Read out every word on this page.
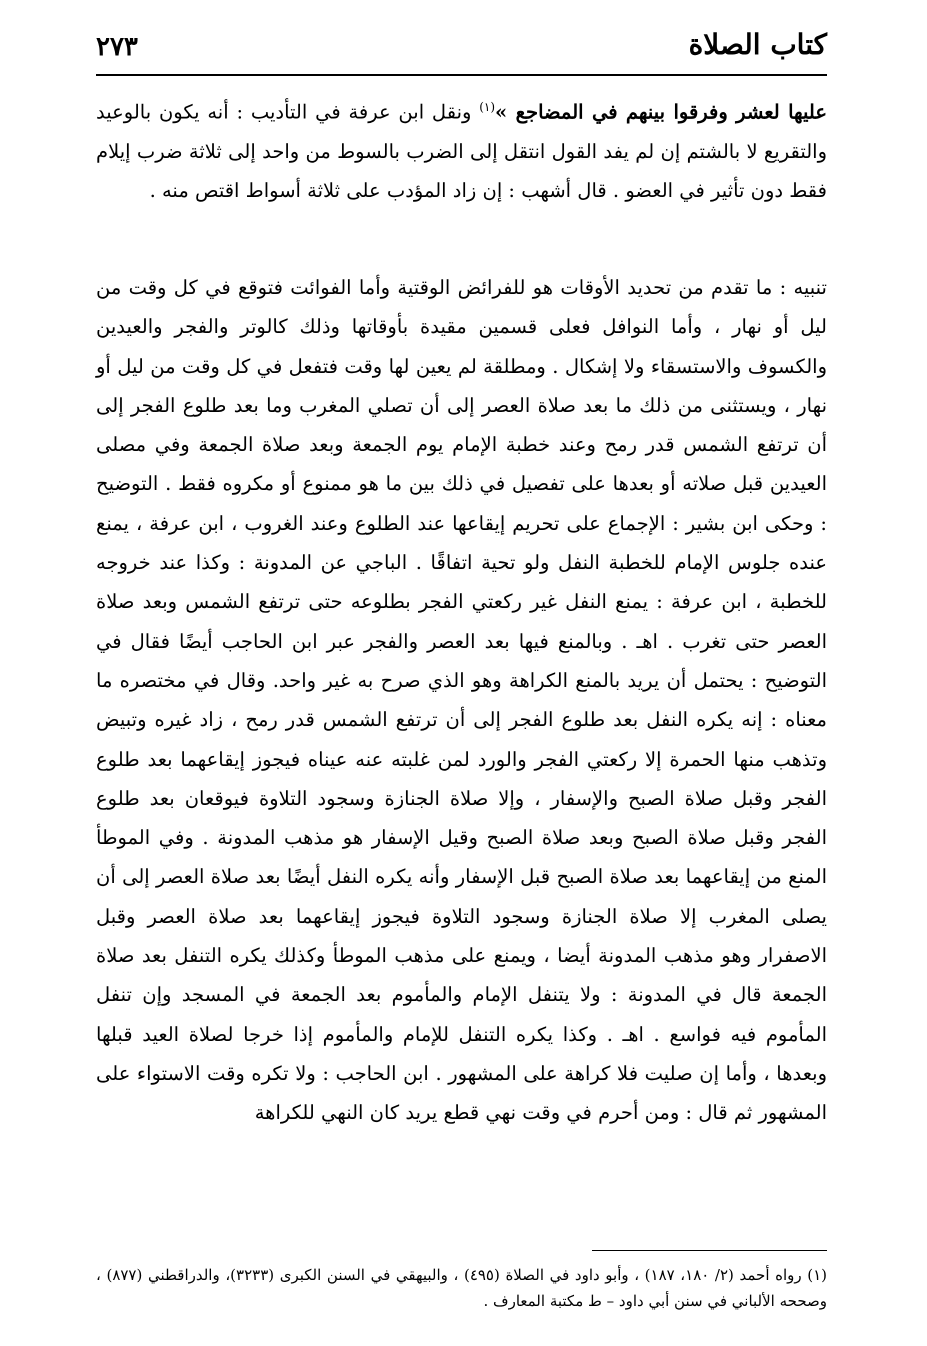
كتاب الصلاة
٢٧٣

عليها لعشر وفرقوا بينهم في المضاجع »$^{(١)}$ ونقل ابن عرفة في التأديب : أنه يكون بالوعيد والتقريع لا بالشتم إن لم يفد القول انتقل إلى الضرب بالسوط من واحد إلى ثلاثة ضرب إيلام فقط دون تأثير في العضو . قال أشهب : إن زاد المؤدب على ثلاثة أسواط اقتص منه .

تنبيه : ما تقدم من تحديد الأوقات هو للفرائض الوقتية وأما الفوائت فتوقع في كل وقت من ليل أو نهار ، وأما النوافل فعلى قسمين مقيدة بأوقاتها وذلك كالوتر والفجر والعيدين والكسوف والاستسقاء ولا إشكال . ومطلقة لم يعين لها وقت فتفعل في كل وقت من ليل أو نهار ، ويستثنى من ذلك ما بعد صلاة العصر إلى أن تصلي المغرب وما بعد طلوع الفجر إلى أن ترتفع الشمس قدر رمح وعند خطبة الإمام يوم الجمعة وبعد صلاة الجمعة وفي مصلى العيدين قبل صلاته أو بعدها على تفصيل في ذلك بين ما هو ممنوع أو مكروه فقط . التوضيح : وحكى ابن بشير : الإجماع على تحريم إيقاعها عند الطلوع وعند الغروب ، ابن عرفة ، يمنع عنده جلوس الإمام للخطبة النفل ولو تحية اتفاقًا . الباجي عن المدونة : وكذا عند خروجه للخطبة ، ابن عرفة : يمنع النفل غير ركعتي الفجر بطلوعه حتى ترتفع الشمس وبعد صلاة العصر حتى تغرب . اهـ . وبالمنع فيها بعد العصر والفجر عبر ابن الحاجب أيضًا فقال في التوضيح : يحتمل أن يريد بالمنع الكراهة وهو الذي صرح به غير واحد. وقال في مختصره ما معناه : إنه يكره النفل بعد طلوع الفجر إلى أن ترتفع الشمس قدر رمح ، زاد غيره وتبيض وتذهب منها الحمرة إلا ركعتي الفجر والورد لمن غلبته عنه عيناه فيجوز إيقاعهما بعد طلوع الفجر وقبل صلاة الصبح والإسفار ، وإلا صلاة الجنازة وسجود التلاوة فيوقعان بعد طلوع الفجر وقبل صلاة الصبح وبعد صلاة الصبح وقيل الإسفار هو مذهب المدونة . وفي الموطأ المنع من إيقاعهما بعد صلاة الصبح قبل الإسفار وأنه يكره النفل أيضًا بعد صلاة العصر إلى أن يصلى المغرب إلا صلاة الجنازة وسجود التلاوة فيجوز إيقاعهما بعد صلاة العصر وقبل الاصفرار وهو مذهب المدونة أيضا ، ويمنع على مذهب الموطأ وكذلك يكره التنفل بعد صلاة الجمعة قال في المدونة : ولا يتنفل الإمام والمأموم بعد الجمعة في المسجد وإن تنفل المأموم فيه فواسع . اهـ . وكذا يكره التنفل للإمام والمأموم إذا خرجا لصلاة العيد قبلها وبعدها ، وأما إن صليت فلا كراهة على المشهور . ابن الحاجب : ولا تكره وقت الاستواء على المشهور ثم قال : ومن أحرم في وقت نهي قطع يريد كان النهي للكراهة

(١) رواه أحمد (٢/ ١٨٠، ١٨٧) ، وأبو داود في الصلاة (٤٩٥) ، والبيهقي في السنن الكبرى (٣٢٣٣)، والدراقطني (٨٧٧) ، وصححه الألباني في سنن أبي داود – ط مكتبة المعارف .
